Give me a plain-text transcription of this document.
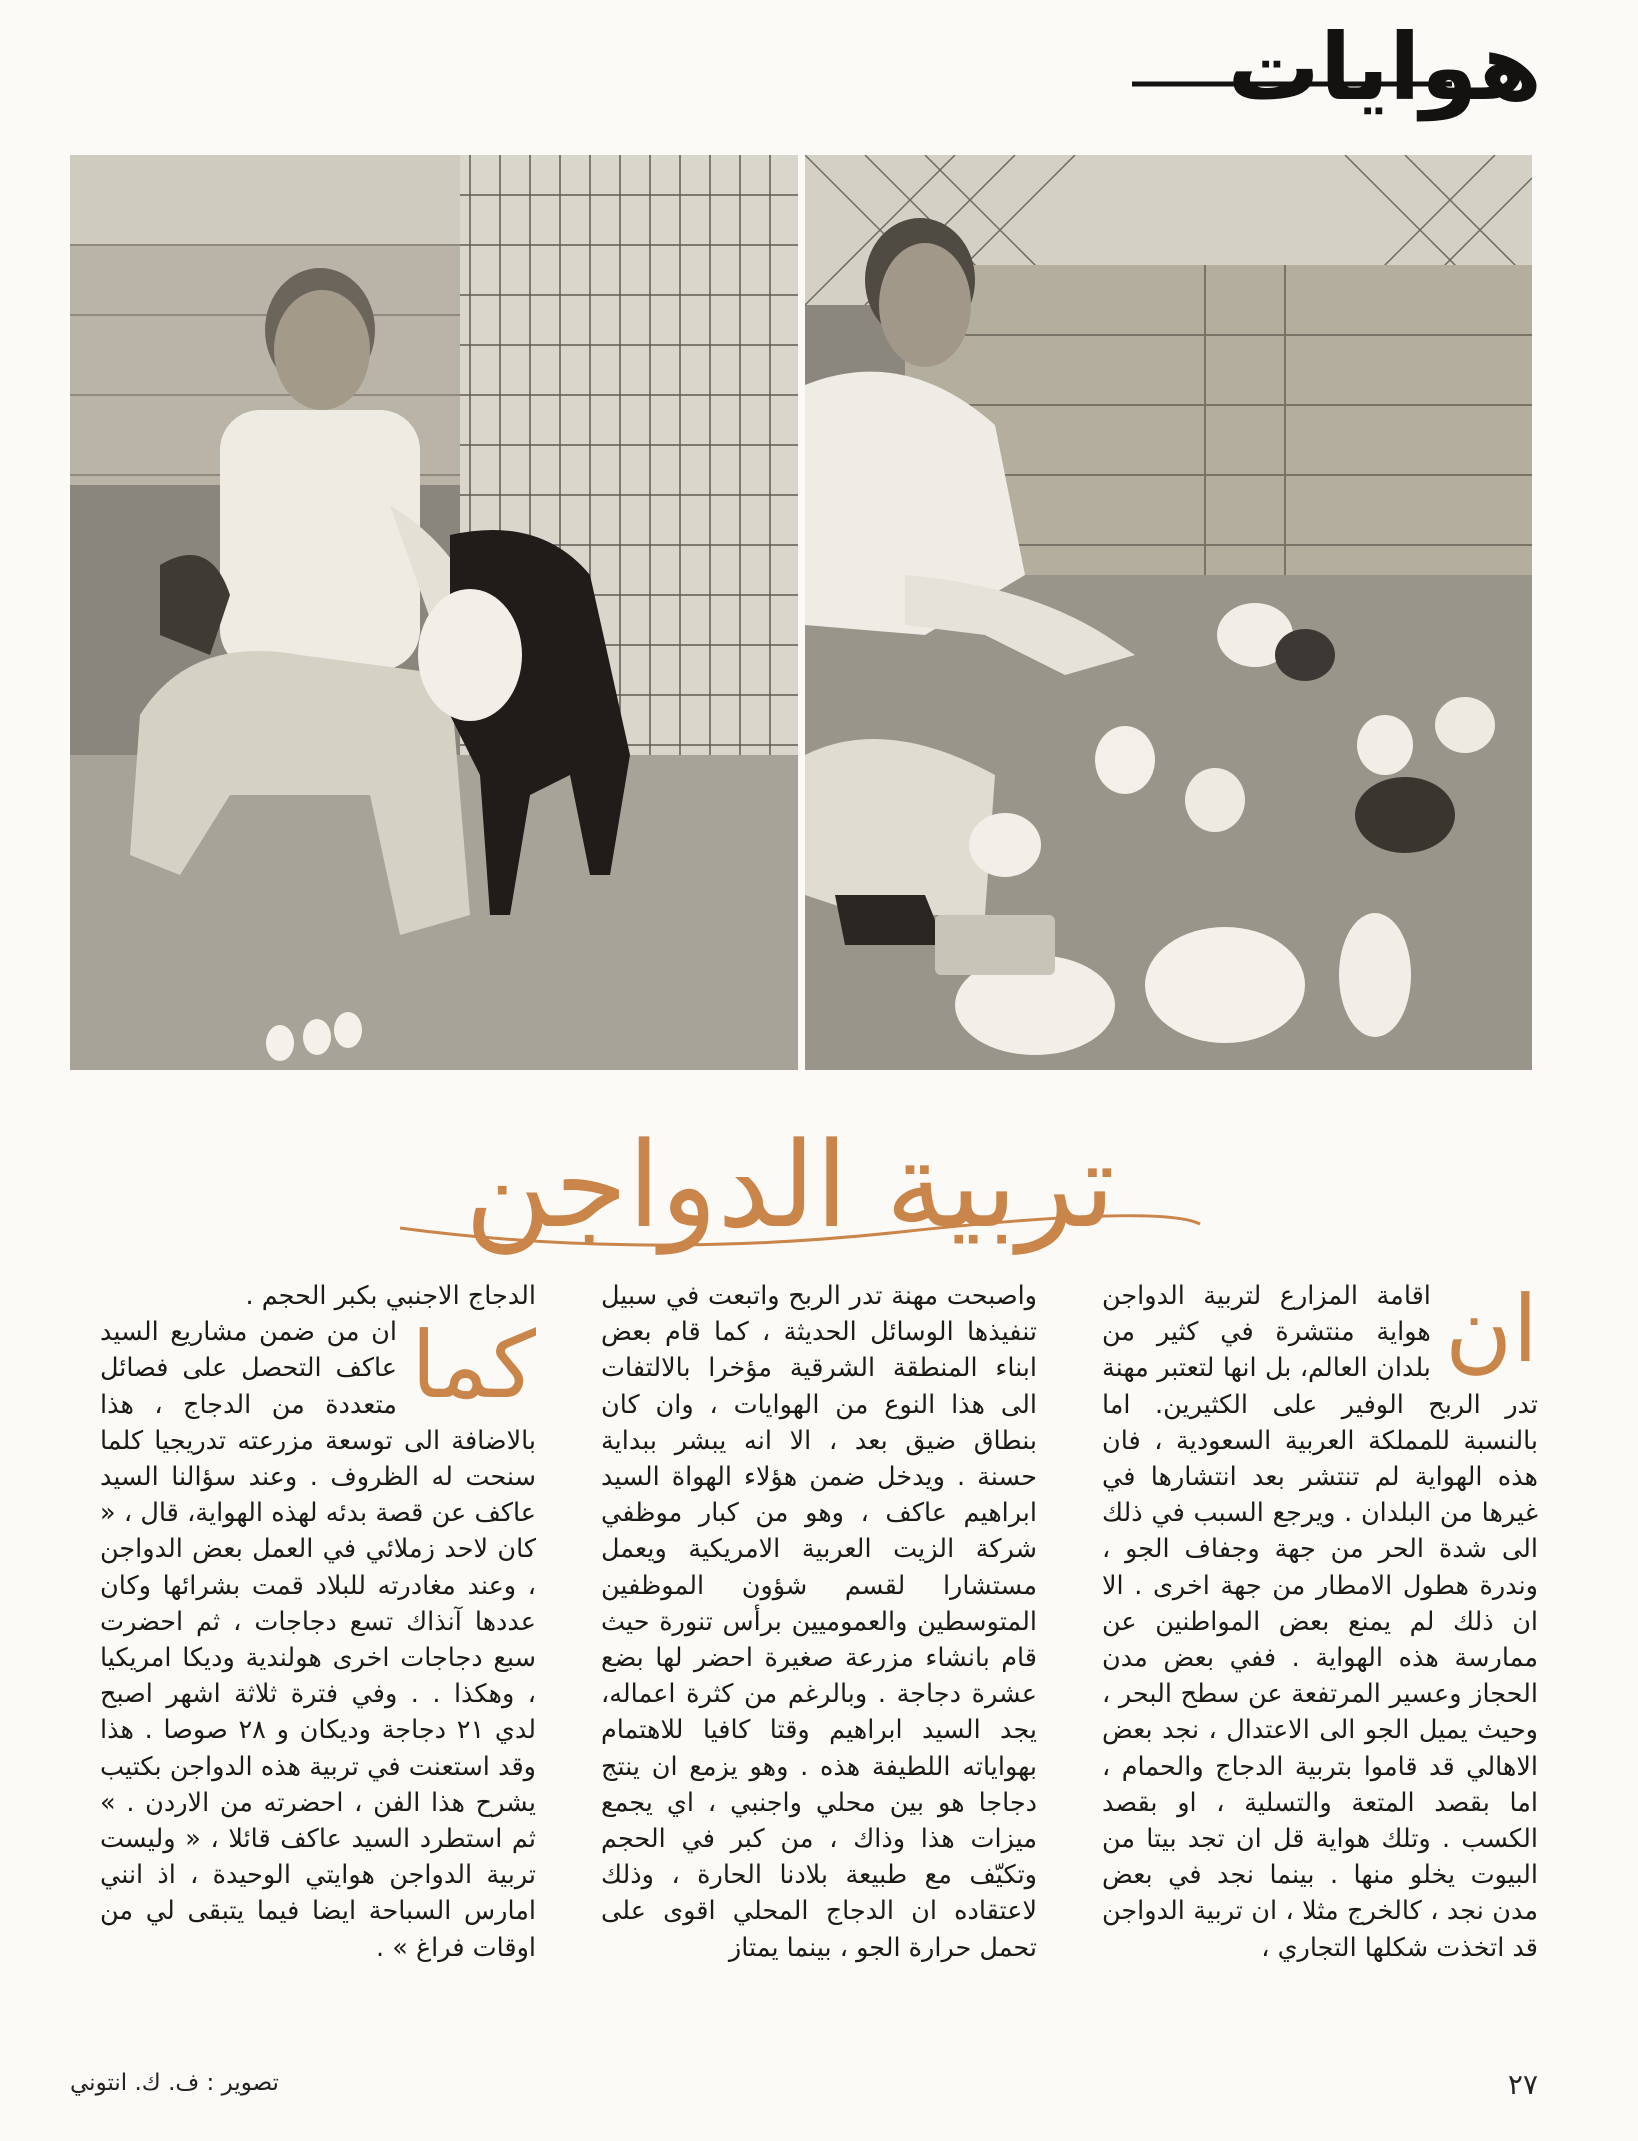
هوايات
تربية الدواجن
ان

اقامة المزارع لتربية الدواجن هواية منتشرة في كثير من بلدان العالم، بل انها لتعتبر مهنة تدر الربح الوفير على الكثيرين. اما بالنسبة للمملكة العربية السعودية ، فان هذه الهواية لم تنتشر بعد انتشارها في غيرها من البلدان . ويرجع السبب في ذلك الى شدة الحر من جهة وجفاف الجو ، وندرة هطول الامطار من جهة اخرى . الا ان ذلك لم يمنع بعض المواطنين عن ممارسة هذه الهواية . ففي بعض مدن الحجاز وعسير المرتفعة عن سطح البحر ، وحيث يميل الجو الى الاعتدال ، نجد بعض الاهالي قد قاموا بتربية الدجاج والحمام ، اما بقصد المتعة والتسلية ، او بقصد الكسب . وتلك هواية قل ان تجد بيتا من البيوت يخلو منها . بينما نجد في بعض مدن نجد ، كالخرج مثلا ، ان تربية الدواجن قد اتخذت شكلها التجاري ،

واصبحت مهنة تدر الربح واتبعت في سبيل تنفيذها الوسائل الحديثة ، كما قام بعض ابناء المنطقة الشرقية مؤخرا بالالتفات الى هذا النوع من الهوايات ، وان كان بنطاق ضيق بعد ، الا انه يبشر ببداية حسنة . ويدخل ضمن هؤلاء الهواة السيد ابراهيم عاكف ، وهو من كبار موظفي شركة الزيت العربية الامريكية ويعمل مستشارا لقسم شؤون الموظفين المتوسطين والعموميين برأس تنورة حيث قام بانشاء مزرعة صغيرة احضر لها بضع عشرة دجاجة . وبالرغم من كثرة اعماله، يجد السيد ابراهيم وقتا كافيا للاهتمام بهواياته اللطيفة هذه . وهو يزمع ان ينتج دجاجا هو بين محلي واجنبي ، اي يجمع ميزات هذا وذاك ، من كبر في الحجم وتكيّف مع طبيعة بلادنا الحارة ، وذلك لاعتقاده ان الدجاج المحلي اقوى على تحمل حرارة الجو ، بينما يمتاز

الدجاج الاجنبي بكبر الحجم .

كما

ان من ضمن مشاريع السيد عاكف التحصل على فصائل متعددة من الدجاج ، هذا بالاضافة الى توسعة مزرعته تدريجيا كلما سنحت له الظروف . وعند سؤالنا السيد عاكف عن قصة بدئه لهذه الهواية، قال ، « كان لاحد زملائي في العمل بعض الدواجن ، وعند مغادرته للبلاد قمت بشرائها وكان عددها آنذاك تسع دجاجات ، ثم احضرت سبع دجاجات اخرى هولندية وديكا امريكيا ، وهكذا . . وفي فترة ثلاثة اشهر اصبح لدي ٢١ دجاجة وديكان و ٢٨ صوصا . هذا وقد استعنت في تربية هذه الدواجن بكتيب يشرح هذا الفن ، احضرته من الاردن . » ثم استطرد السيد عاكف قائلا ، « وليست تربية الدواجن هوايتي الوحيدة ، اذ انني امارس السباحة ايضا فيما يتبقى لي من اوقات فراغ » .

تصوير : ف. ك. انتوني	٢٧
